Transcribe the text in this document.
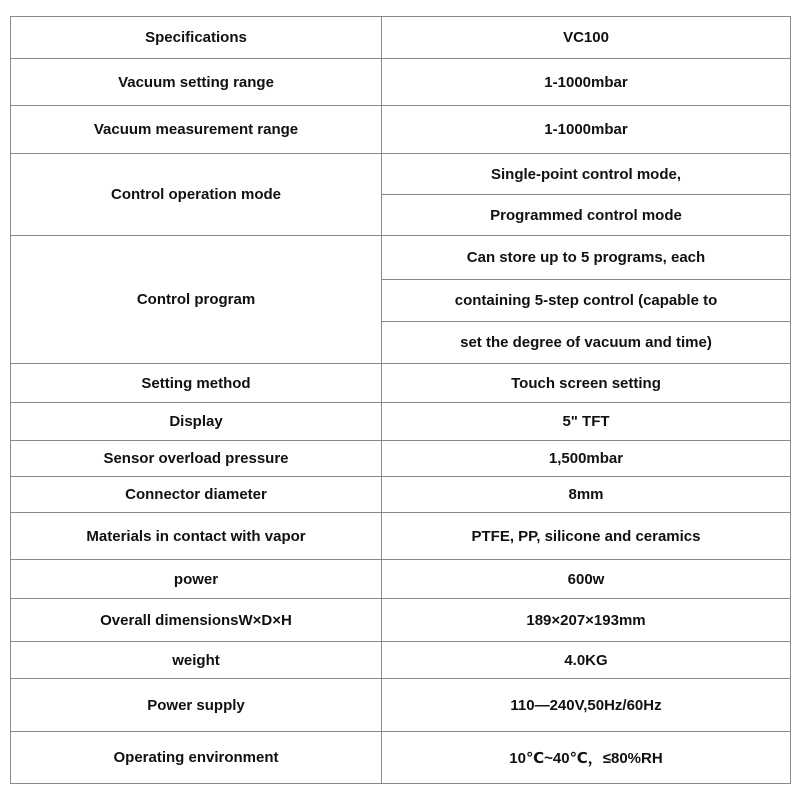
Specifications	VC100
Vacuum setting range	1-1000mbar
Vacuum measurement range	1-1000mbar
Control operation mode	Single-point control mode,
	Programmed control mode
Control program	Can store up to 5 programs, each
	containing 5-step control (capable to
	set the degree of vacuum and time)
Setting method	Touch screen setting
Display	5" TFT
Sensor overload pressure	1,500mbar
Connector diameter	8mm
Materials in contact with vapor	PTFE, PP, silicone and ceramics
power	600w
Overall dimensionsW×D×H	189×207×193mm
weight	4.0KG
Power supply	110—240V,50Hz/60Hz
Operating environment	10℃~40℃，≤80%RH
